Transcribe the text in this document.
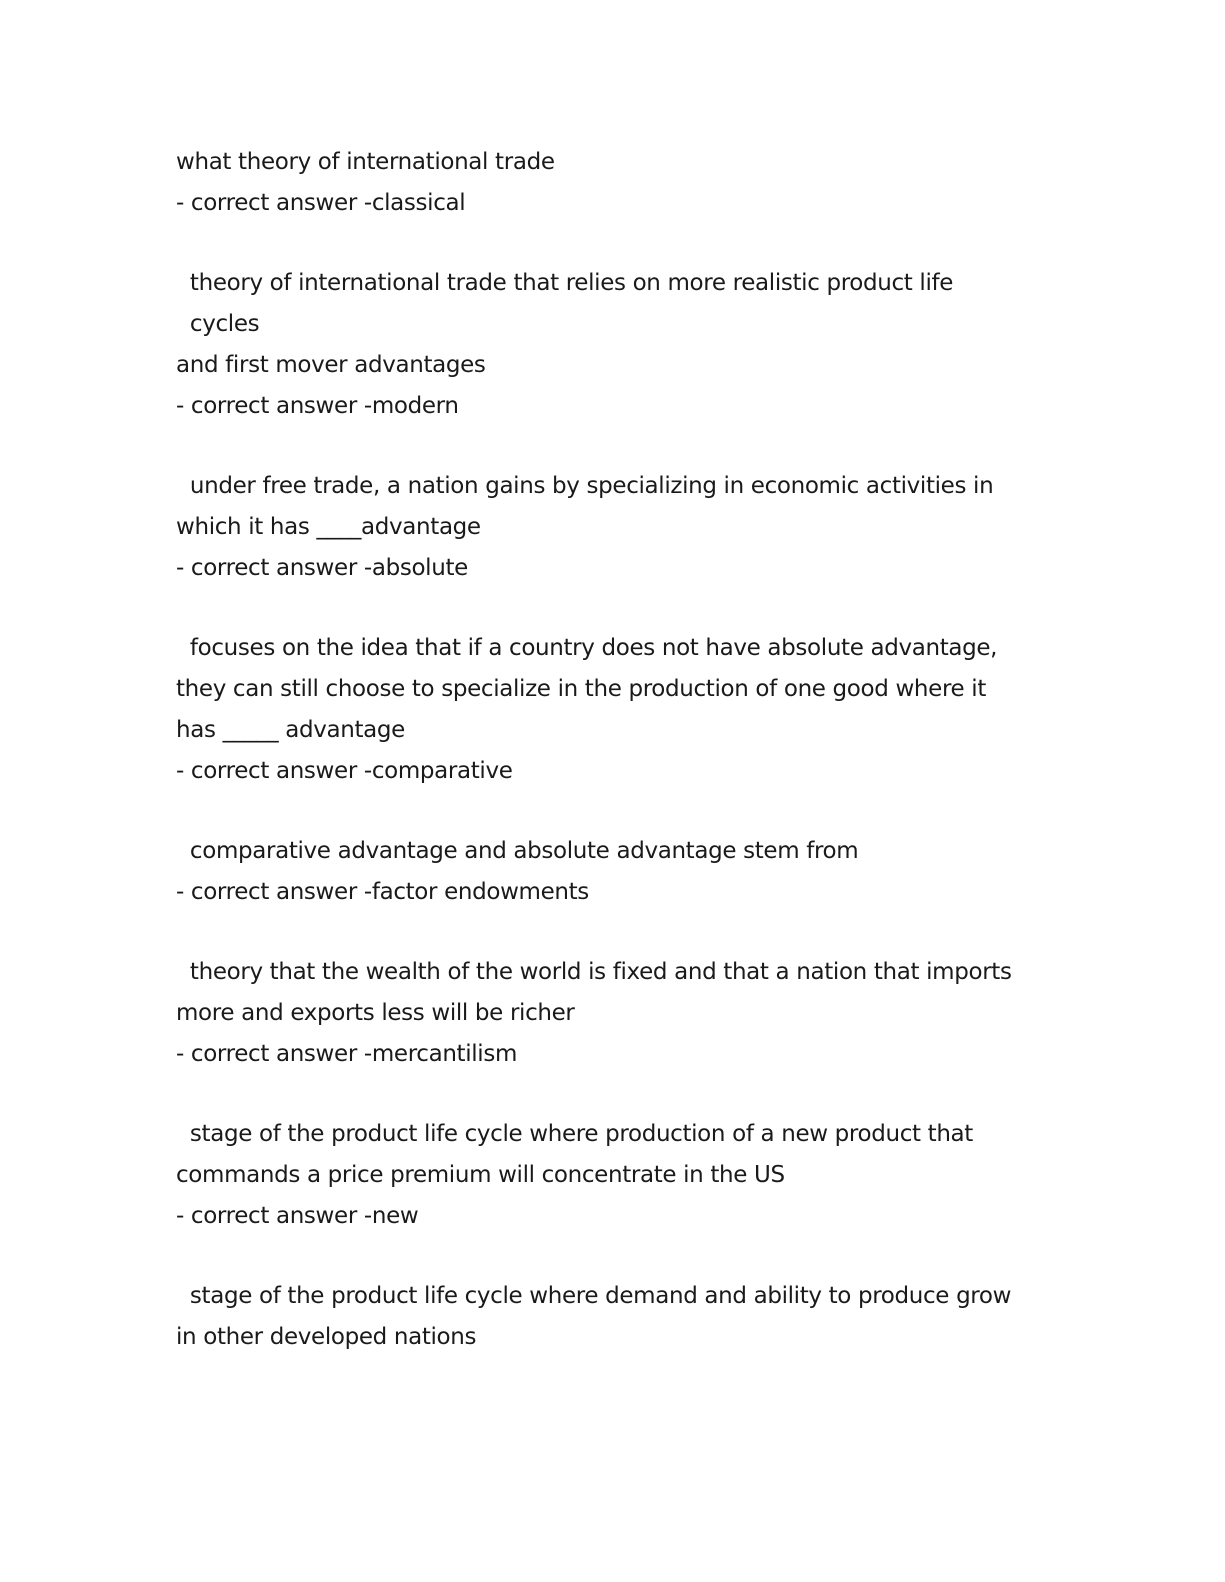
what theory of international trade
- correct answer -classical
theory of international trade that relies on more realistic product life
cycles
and first mover advantages
- correct answer -modern
under free trade, a nation gains by specializing in economic activities in
which it has ____advantage
- correct answer -absolute
focuses on the idea that if a country does not have absolute advantage,
they can still choose to specialize in the production of one good where it
has _____ advantage
- correct answer -comparative
comparative advantage and absolute advantage stem from
- correct answer -factor endowments
theory that the wealth of the world is fixed and that a nation that imports
more and exports less will be richer
- correct answer -mercantilism
stage of the product life cycle where production of a new product that
commands a price premium will concentrate in the US
- correct answer -new
stage of the product life cycle where demand and ability to produce grow
in other developed nations
